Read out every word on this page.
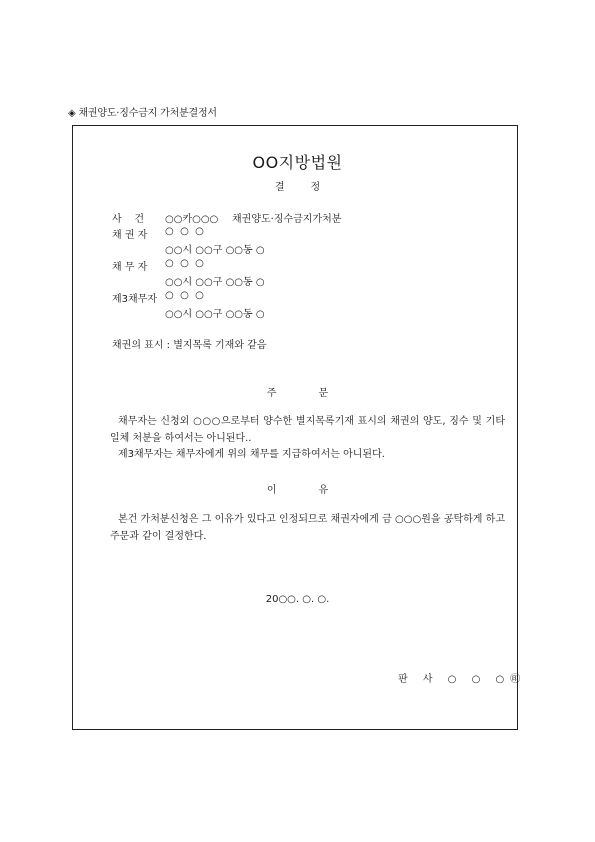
◈ 채권양도·징수금지 가처분결정서
OO지방법원
결	정
사    건 ○○카○○○ 채권양도·징수금지가처분
채 권 자 ○  ○  ○
○○시 ○○구 ○○동 ○
채 무 자 ○  ○  ○
○○시 ○○구 ○○동 ○
제3채무자 ○  ○  ○
○○시 ○○구 ○○동 ○
채권의 표시 : 별지목록 기재와 같음
주	문
채무자는 신청외 ○○○으로부터 양수한 별지목록기재 표시의 채권의 양도, 징수 및 기타 일체 처분을 하여서는 아니된다..
제3채무자는 채무자에게 위의 채무를 지급하여서는 아니된다.
이	유
본건 가처분신청은 그 이유가 있다고 인정되므로 채권자에게 금 ○○○원을 공탁하게 하고 주문과 같이 결정한다.
20○○. ○. ○.
판 사 ○ ○ ○㊞
